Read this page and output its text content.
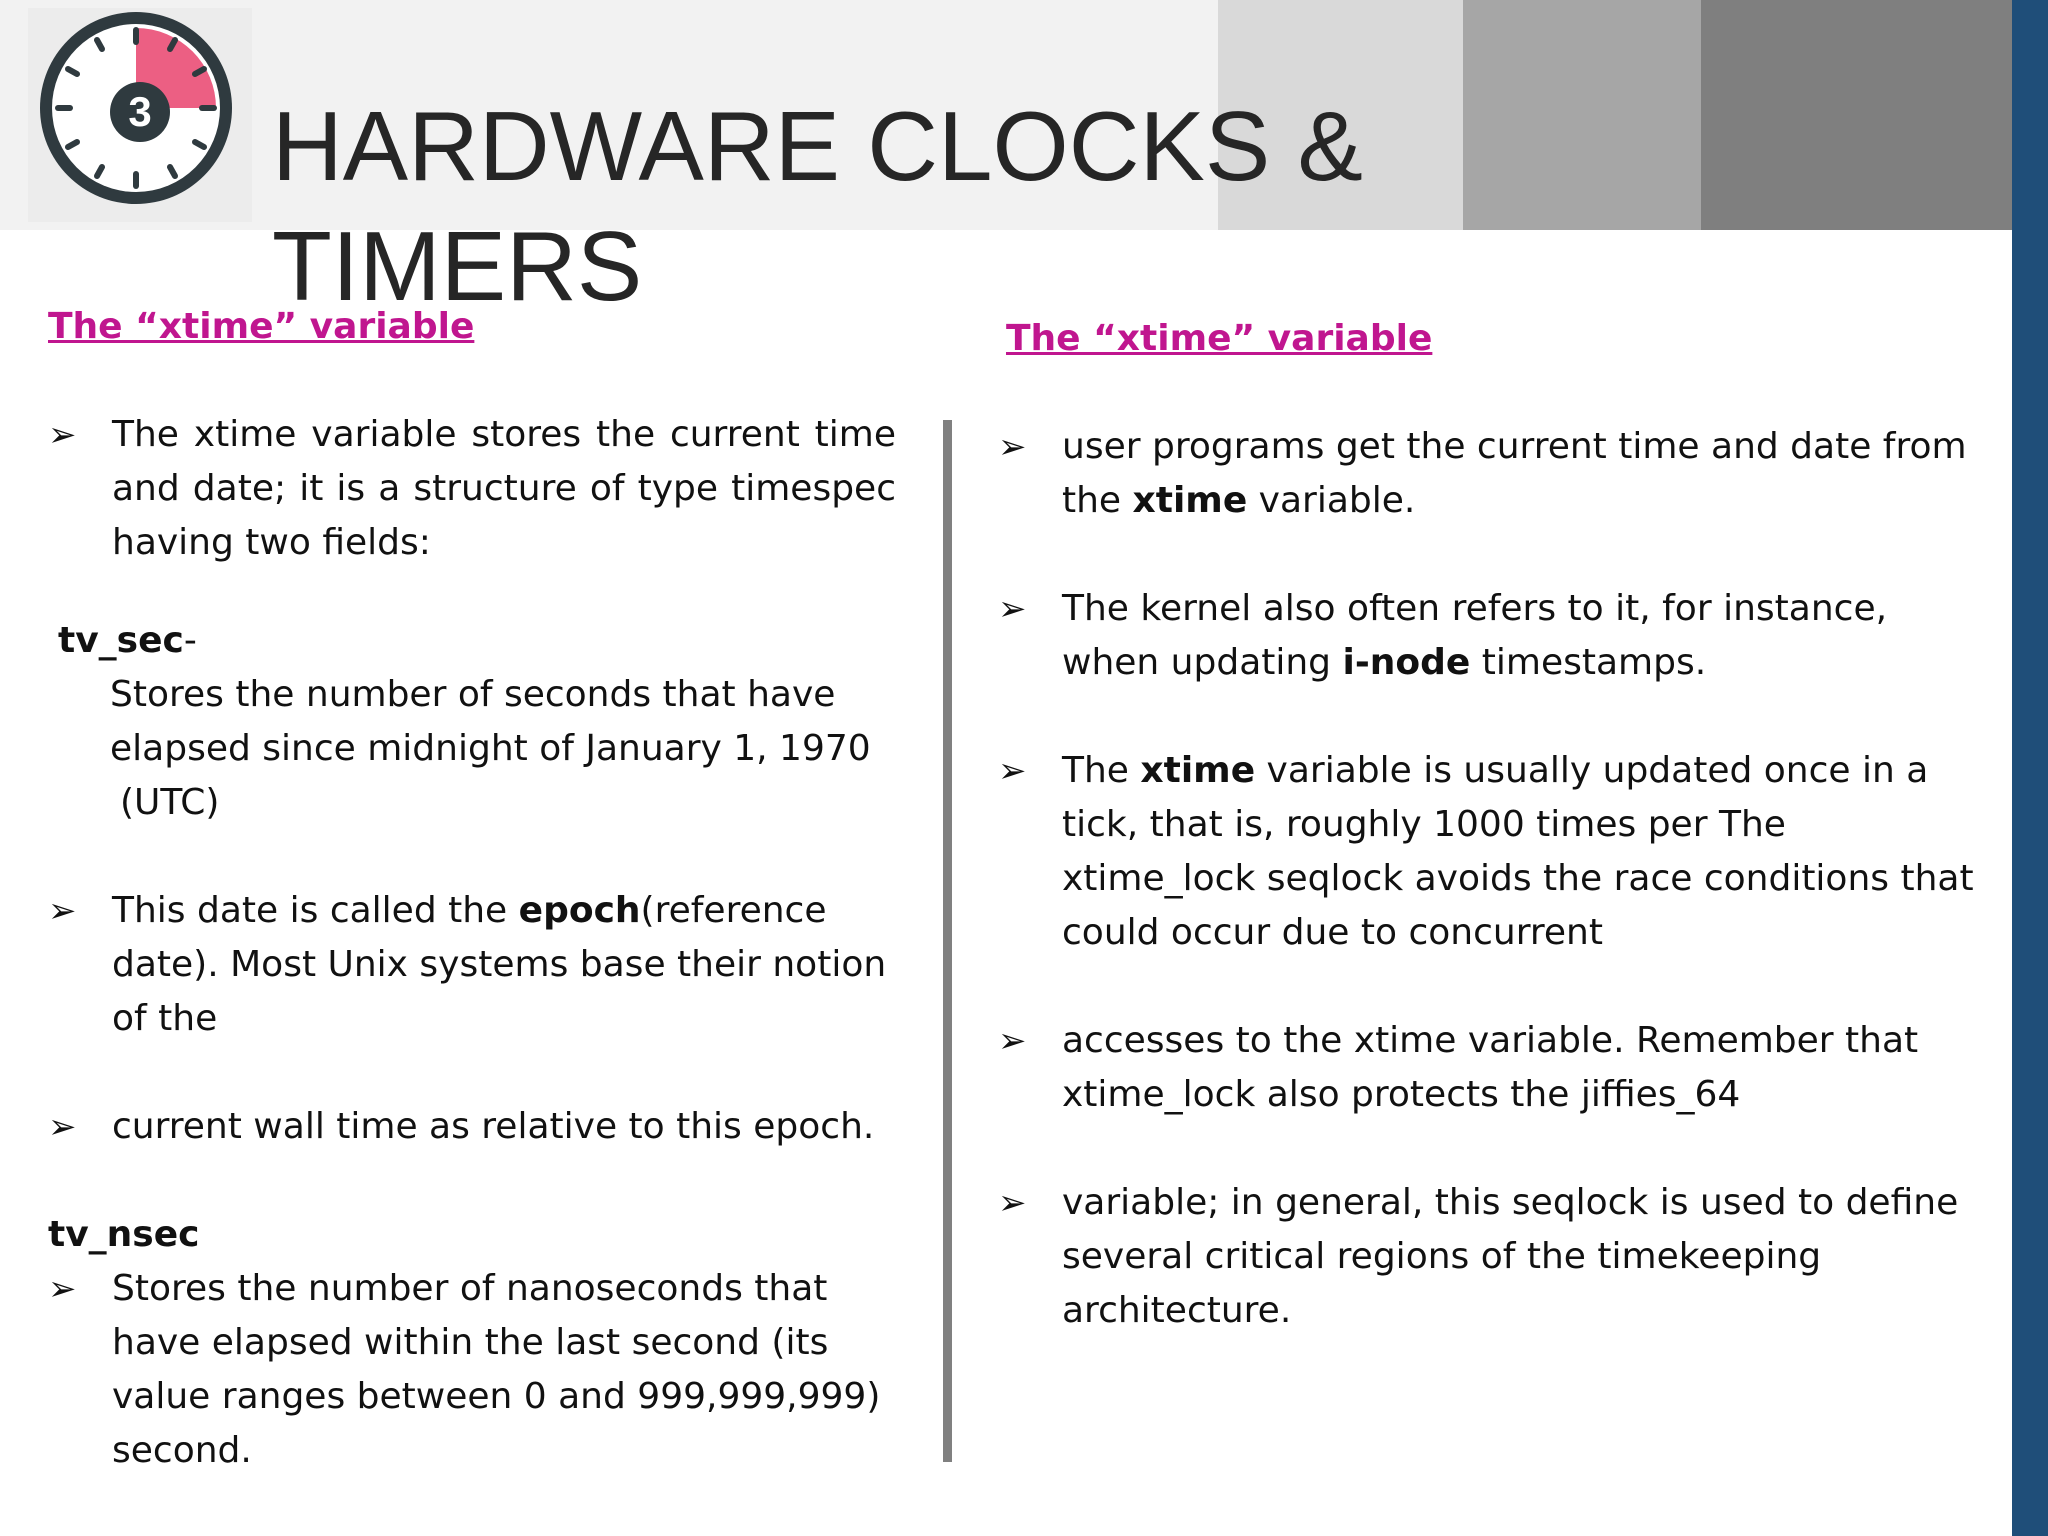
3 HARDWARE CLOCKS &
TIMERS
The “xtime” variable	The “xtime” variable
➢ The xtime variable stores the current time and date; it is a structure of type timespec having two fields:
tv_sec-
Stores the number of seconds that have
elapsed since midnight of January 1, 1970
(UTC)
➢ This date is called the epoch(reference date). Most Unix systems base their notion of the
➢ current wall time as relative to this epoch.
tv_nsec
➢ Stores the number of nanoseconds that have elapsed within the last second (its value ranges between 0 and 999,999,999) second.
➢ user programs get the current time and date from the xtime variable.
➢ The kernel also often refers to it, for instance, when updating i-node timestamps.
➢ The xtime variable is usually updated once in a tick, that is, roughly 1000 times per The xtime_lock seqlock avoids the race conditions that could occur due to concurrent
➢ accesses to the xtime variable. Remember that xtime_lock also protects the jiffies_64
➢ variable; in general, this seqlock is used to define several critical regions of the timekeeping architecture.
